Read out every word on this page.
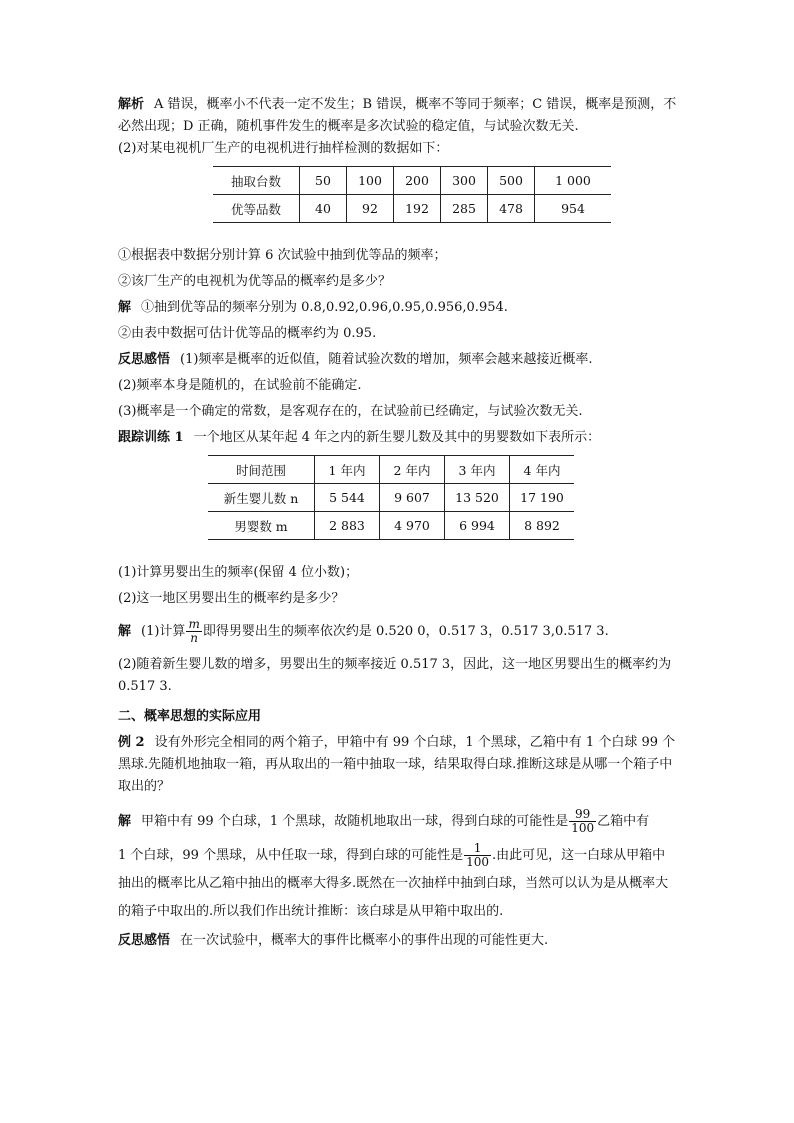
解析 A 错误，概率小不代表一定不发生；B 错误，概率不等同于频率；C 错误，概率是预测，不必然出现；D 正确，随机事件发生的概率是多次试验的稳定值，与试验次数无关.

(2)对某电视机厂生产的电视机进行抽样检测的数据如下：

抽取台数	50	100	200	300	500	1 000
优等品数	40	92	192	285	478	954

①根据表中数据分别计算 6 次试验中抽到优等品的频率；

②该厂生产的电视机为优等品的概率约是多少？

解 ①抽到优等品的频率分别为 0.8,0.92,0.96,0.95,0.956,0.954.

②由表中数据可估计优等品的概率约为 0.95.

反思感悟 (1)频率是概率的近似值，随着试验次数的增加，频率会越来越接近概率.

(2)频率本身是随机的，在试验前不能确定.

(3)概率是一个确定的常数，是客观存在的，在试验前已经确定，与试验次数无关.

跟踪训练 1 一个地区从某年起 4 年之内的新生婴儿数及其中的男婴数如下表所示：

时间范围	1 年内	2 年内	3 年内	4 年内
新生婴儿数 n	5 544	9 607	13 520	17 190
男婴数 m	2 883	4 970	6 994	8 892

(1)计算男婴出生的频率(保留 4 位小数)；

(2)这一地区男婴出生的概率约是多少？

解 (1)计算 $\frac{m}{n}$ 即得男婴出生的频率依次约是 0.520 0，0.517 3，0.517 3,0.517 3.

(2)随着新生婴儿数的增多，男婴出生的频率接近 0.517 3，因此，这一地区男婴出生的概率约为 0.517 3.

二、概率思想的实际应用

例 2 设有外形完全相同的两个箱子，甲箱中有 99 个白球，1 个黑球，乙箱中有 1 个白球 99 个黑球.先随机地抽取一箱，再从取出的一箱中抽取一球，结果取得白球.推断这球是从哪一个箱子中取出的？

解 甲箱中有 99 个白球，1 个黑球，故随机地取出一球，得到白球的可能性是 $\frac{99}{100}$ 乙箱中有

1 个白球，99 个黑球，从中任取一球，得到白球的可能性是 $\frac{1}{100}$ .由此可见，这一白球从甲箱中抽出的概率比从乙箱中抽出的概率大得多.既然在一次抽样中抽到白球，当然可以认为是从概率大的箱子中取出的.所以我们作出统计推断：该白球是从甲箱中取出的.

反思感悟 在一次试验中，概率大的事件比概率小的事件出现的可能性更大.
